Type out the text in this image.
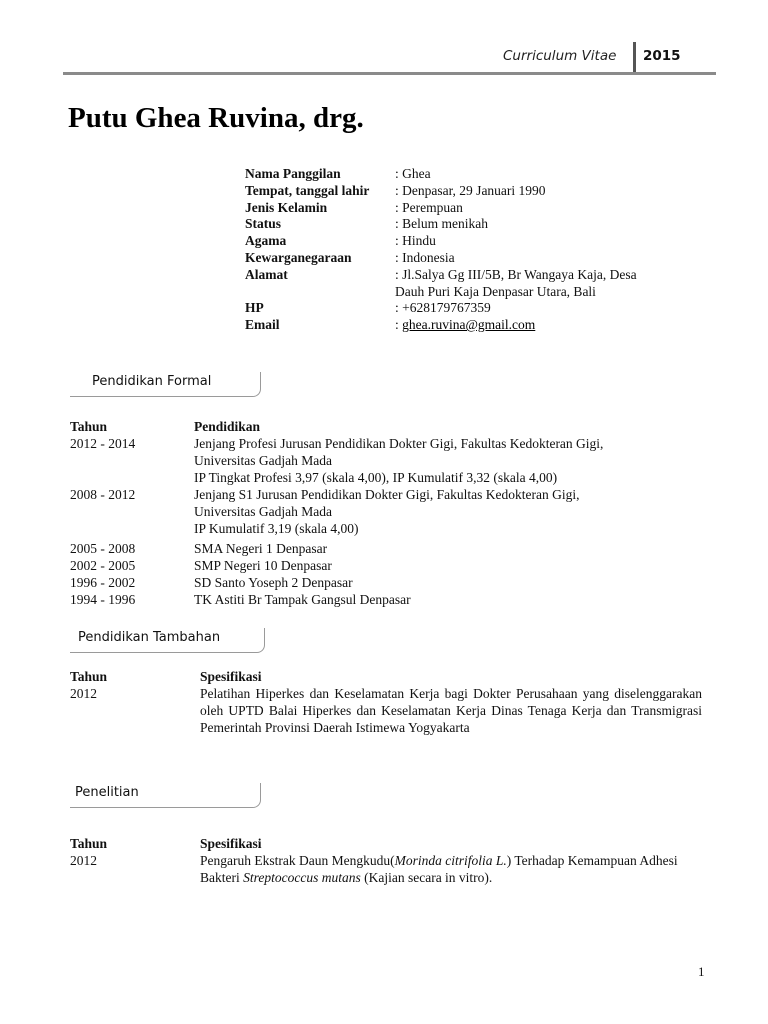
Curriculum Vitae 2015
Putu Ghea Ruvina, drg.
Nama Panggilan	: Ghea
Tempat, tanggal lahir	: Denpasar, 29 Januari 1990
Jenis Kelamin	: Perempuan
Status	: Belum menikah
Agama	: Hindu
Kewarganegaraan	: Indonesia
Alamat	: Jl.Salya Gg III/5B, Br Wangaya Kaja, Desa
Dauh Puri Kaja Denpasar Utara, Bali
HP	: +628179767359
Email	: ghea.ruvina@gmail.com
Pendidikan Formal
Tahun	Pendidikan
2012 - 2014	Jenjang Profesi Jurusan Pendidikan Dokter Gigi, Fakultas Kedokteran Gigi,
Universitas Gadjah Mada
IP Tingkat Profesi 3,97 (skala 4,00), IP Kumulatif 3,32 (skala 4,00)
2008 - 2012	Jenjang S1 Jurusan Pendidikan Dokter Gigi, Fakultas Kedokteran Gigi,
Universitas Gadjah Mada
IP Kumulatif 3,19 (skala 4,00)
2005 - 2008	SMA Negeri 1 Denpasar
2002 - 2005	SMP Negeri 10 Denpasar
1996 - 2002	SD Santo Yoseph 2 Denpasar
1994 - 1996	TK Astiti Br Tampak Gangsul Denpasar
Pendidikan Tambahan
Tahun	Spesifikasi
2012	Pelatihan Hiperkes dan Keselamatan Kerja bagi Dokter Perusahaan yang diselenggarakan oleh UPTD Balai Hiperkes dan Keselamatan Kerja Dinas Tenaga Kerja dan Transmigrasi Pemerintah Provinsi Daerah Istimewa Yogyakarta
Penelitian
Tahun	Spesifikasi
2012	Pengaruh Ekstrak Daun Mengkudu(Morinda citrifolia L.) Terhadap Kemampuan Adhesi Bakteri Streptococcus mutans (Kajian secara in vitro).
1
